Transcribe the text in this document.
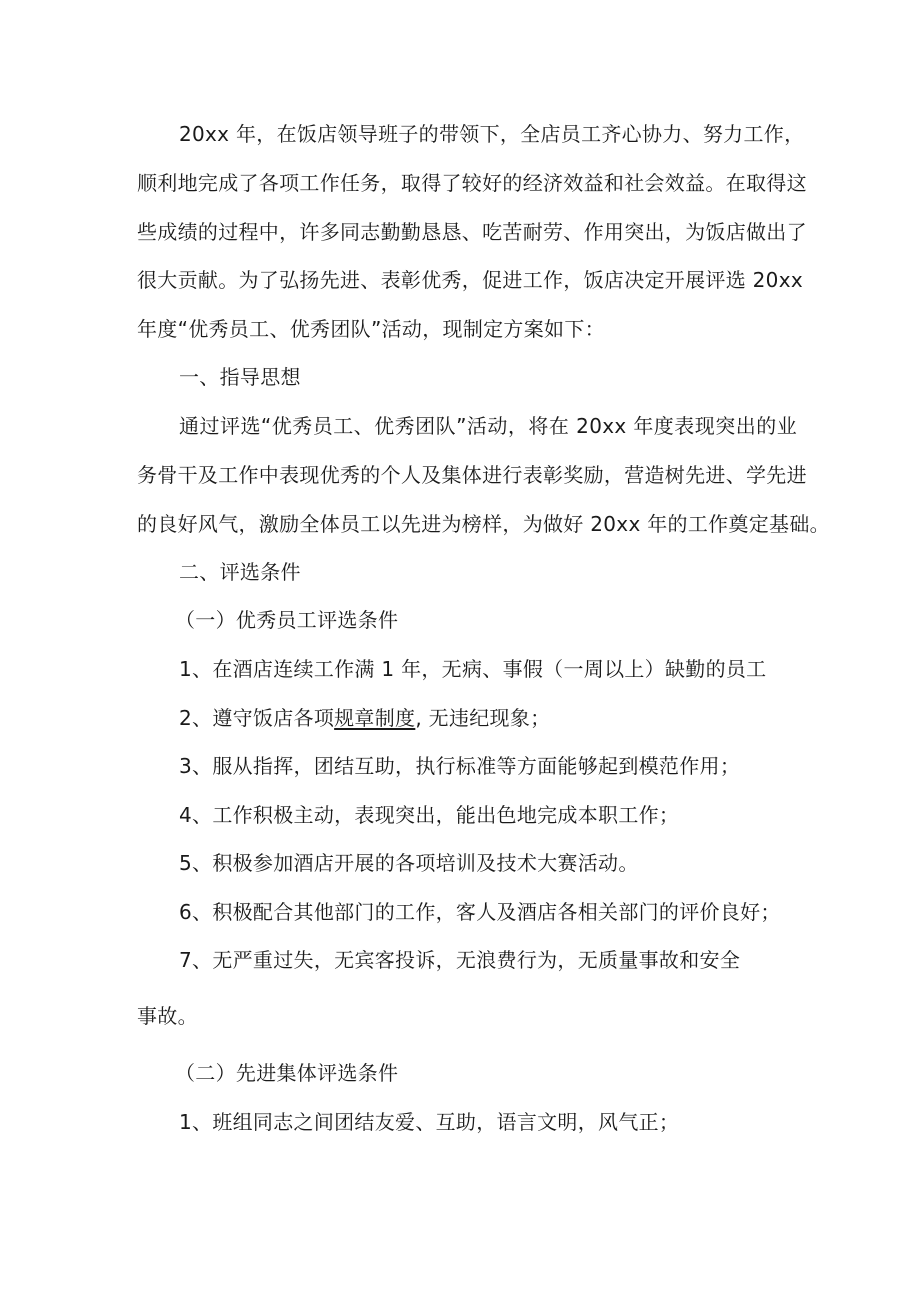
20xx 年，在饭店领导班子的带领下，全店员工齐心协力、努力工作，
顺利地完成了各项工作任务，取得了较好的经济效益和社会效益。在取得这
些成绩的过程中，许多同志勤勤恳恳、吃苦耐劳、作用突出，为饭店做出了
很大贡献。为了弘扬先进、表彰优秀，促进工作，饭店决定开展评选 20xx
年度“优秀员工、优秀团队”活动，现制定方案如下：
一、指导思想
通过评选“优秀员工、优秀团队”活动，将在 20xx 年度表现突出的业
务骨干及工作中表现优秀的个人及集体进行表彰奖励，营造树先进、学先进
的良好风气，激励全体员工以先进为榜样，为做好 20xx 年的工作奠定基础。
二、评选条件
（一）优秀员工评选条件
1、在酒店连续工作满 1 年，无病、事假（一周以上）缺勤的员工
2、遵守饭店各项规章制度, 无违纪现象；
3、服从指挥，团结互助，执行标准等方面能够起到模范作用；
4、工作积极主动，表现突出，能出色地完成本职工作；
5、积极参加酒店开展的各项培训及技术大赛活动。
6、积极配合其他部门的工作，客人及酒店各相关部门的评价良好；
7、无严重过失，无宾客投诉，无浪费行为，无质量事故和安全
事故。
（二）先进集体评选条件
1、班组同志之间团结友爱、互助，语言文明，风气正；
